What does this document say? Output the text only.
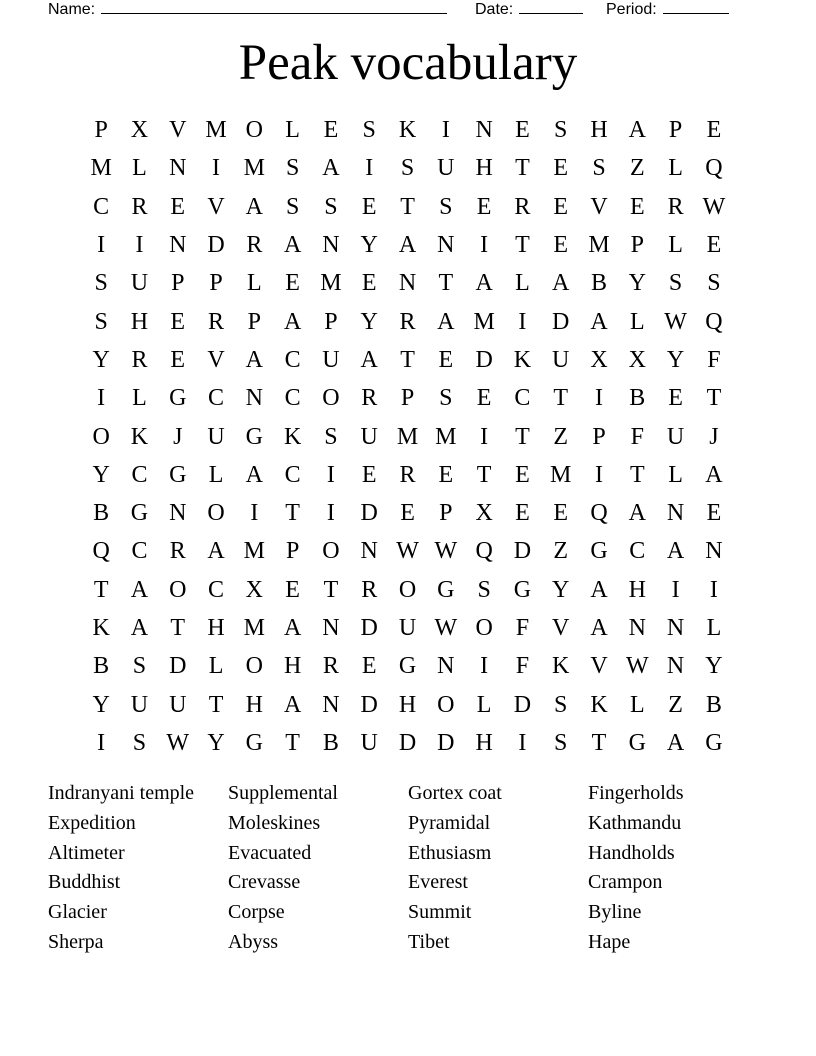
Name:	Date:	Period:
Peak vocabulary
P X V M O L E	S K	I	N E	S H A P	E
M L N	I M S A	I	S U H T E	S	Z L Q
C R E V A S	S	E T	S	E R E V E R W
I	I	N D R A N Y A N	I	T E M P	L E
S U P	P	L E M E N T A L A B Y S	S
S H E R P A P Y R A M I	D A L W Q
Y R E V A C U A T E D K U X X Y F
I	L G C N C O R P	S	E C T	I	B E T
O K	J	U G K S U M M I	T Z	P	F U	J
Y C G L A C	I	E R E T E M I	T L A
B G N O	I	T	I	D E	P X E E Q A N E
Q C R A M P O N W W Q D Z G C A N
T A O C X E T R O G S G Y A H	I	I
K A T H M A N D U W O F V A N N L
B S D L O H R E G N	I	F K V W N Y
Y U U T H A N D H O L D S K L Z B
I	S W Y G T B U D D H	I	S	T G A G
Indranyani temple
Expedition
Altimeter
Buddhist
Glacier
Sherpa
Supplemental
Moleskines
Evacuated
Crevasse
Corpse
Abyss
Gortex coat
Pyramidal
Ethusiasm
Everest
Summit
Tibet
Fingerholds
Kathmandu
Handholds
Crampon
Byline
Hape
